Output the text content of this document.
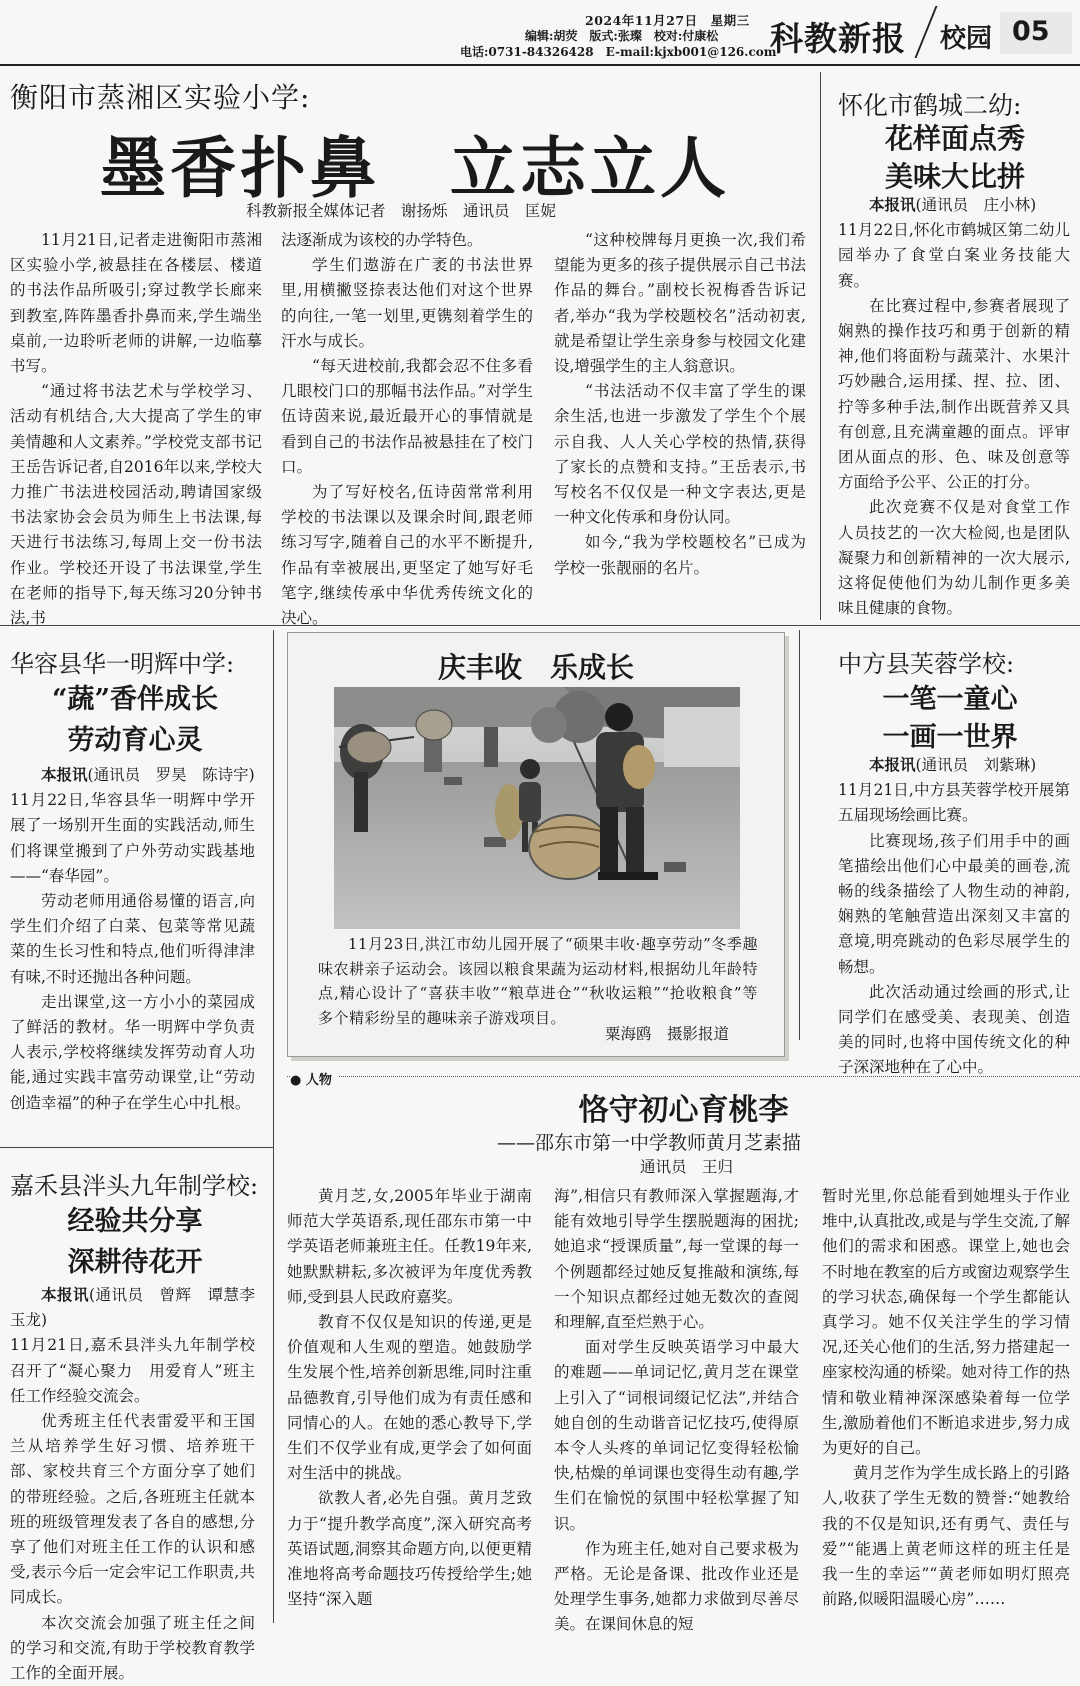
2024年11月27日　星期三
编辑:胡荧　版式:张璨　校对:付康松
电话:0731-84326428　E-mail:kjxb001@126.com
科教新报 校园 05
衡阳市蒸湘区实验小学:
墨香扑鼻　立志立人
科教新报全媒体记者　谢扬烁　通讯员　匡妮

11月21日,记者走进衡阳市蒸湘区实验小学,被悬挂在各楼层、楼道的书法作品所吸引;穿过教学长廊来到教室,阵阵墨香扑鼻而来,学生端坐桌前,一边聆听老师的讲解,一边临摹书写。

“通过将书法艺术与学校学习、活动有机结合,大大提高了学生的审美情趣和人文素养。”学校党支部书记王岳告诉记者,自2016年以来,学校大力推广书法进校园活动,聘请国家级书法家协会会员为师生上书法课,每天进行书法练习,每周上交一份书法作业。学校还开设了书法课堂,学生在老师的指导下,每天练习20分钟书法,书

法逐渐成为该校的办学特色。

学生们遨游在广袤的书法世界里,用横撇竖捺表达他们对这个世界的向往,一笔一划里,更镌刻着学生的汗水与成长。

“每天进校前,我都会忍不住多看几眼校门口的那幅书法作品。”对学生伍诗茵来说,最近最开心的事情就是看到自己的书法作品被悬挂在了校门口。

为了写好校名,伍诗茵常常利用学校的书法课以及课余时间,跟老师练习写字,随着自己的水平不断提升,作品有幸被展出,更坚定了她写好毛笔字,继续传承中华优秀传统文化的决心。

“这种校牌每月更换一次,我们希望能为更多的孩子提供展示自己书法作品的舞台。”副校长祝梅香告诉记者,举办“我为学校题校名”活动初衷,就是希望让学生亲身参与校园文化建设,增强学生的主人翁意识。

“书法活动不仅丰富了学生的课余生活,也进一步激发了学生个个展示自我、人人关心学校的热情,获得了家长的点赞和支持。”王岳表示,书写校名不仅仅是一种文字表达,更是一种文化传承和身份认同。

如今,“我为学校题校名”已成为学校一张靓丽的名片。

怀化市鹤城二幼:
花样面点秀
美味大比拼

本报讯(通讯员　庄小林)

11月22日,怀化市鹤城区第二幼儿园举办了食堂白案业务技能大赛。

在比赛过程中,参赛者展现了娴熟的操作技巧和勇于创新的精神,他们将面粉与蔬菜汁、水果汁巧妙融合,运用揉、捏、拉、团、拧等多种手法,制作出既营养又具有创意,且充满童趣的面点。评审团从面点的形、色、味及创意等方面给予公平、公正的打分。

此次竞赛不仅是对食堂工作人员技艺的一次大检阅,也是团队凝聚力和创新精神的一次大展示,这将促使他们为幼儿制作更多美味且健康的食物。

华容县华一明辉中学:
“蔬”香伴成长
劳动育心灵

本报讯(通讯员　罗昊　陈诗宇)

11月22日,华容县华一明辉中学开展了一场别开生面的实践活动,师生们将课堂搬到了户外劳动实践基地——“春华园”。

劳动老师用通俗易懂的语言,向学生们介绍了白菜、包菜等常见蔬菜的生长习性和特点,他们听得津津有味,不时还抛出各种问题。

走出课堂,这一方小小的菜园成了鲜活的教材。华一明辉中学负责人表示,学校将继续发挥劳动育人功能,通过实践丰富劳动课堂,让“劳动创造幸福”的种子在学生心中扎根。

庆丰收　乐成长

11月23日,洪江市幼儿园开展了“硕果丰收·趣享劳动”冬季趣味农耕亲子运动会。该园以粮食果蔬为运动材料,根据幼儿年龄特点,精心设计了“喜获丰收”“粮草进仓”“秋收运粮”“抢收粮食”等多个精彩纷呈的趣味亲子游戏项目。

粟海鸥　摄影报道
中方县芙蓉学校:
一笔一童心
一画一世界

本报讯(通讯员　刘紫琳)

11月21日,中方县芙蓉学校开展第五届现场绘画比赛。

比赛现场,孩子们用手中的画笔描绘出他们心中最美的画卷,流畅的线条描绘了人物生动的神韵,娴熟的笔触营造出深刻又丰富的意境,明亮跳动的色彩尽展学生的畅想。

此次活动通过绘画的形式,让同学们在感受美、表现美、创造美的同时,也将中国传统文化的种子深深地种在了心中。

● 人物
恪守初心育桃李
——邵东市第一中学教师黄月芝素描
通讯员　王归

黄月芝,女,2005年毕业于湖南师范大学英语系,现任邵东市第一中学英语老师兼班主任。任教19年来,她默默耕耘,多次被评为年度优秀教师,受到县人民政府嘉奖。

教育不仅仅是知识的传递,更是价值观和人生观的塑造。她鼓励学生发展个性,培养创新思维,同时注重品德教育,引导他们成为有责任感和同情心的人。在她的悉心教导下,学生们不仅学业有成,更学会了如何面对生活中的挑战。

欲教人者,必先自强。黄月芝致力于“提升教学高度”,深入研究高考英语试题,洞察其命题方向,以便更精准地将高考命题技巧传授给学生;她坚持“深入题

海”,相信只有教师深入掌握题海,才能有效地引导学生摆脱题海的困扰;她追求“授课质量”,每一堂课的每一个例题都经过她反复推敲和演练,每一个知识点都经过她无数次的查阅和理解,直至烂熟于心。

面对学生反映英语学习中最大的难题——单词记忆,黄月芝在课堂上引入了“词根词缀记忆法”,并结合她自创的生动谐音记忆技巧,使得原本令人头疼的单词记忆变得轻松愉快,枯燥的单词课也变得生动有趣,学生们在愉悦的氛围中轻松掌握了知识。

作为班主任,她对自己要求极为严格。无论是备课、批改作业还是处理学生事务,她都力求做到尽善尽美。在课间休息的短

暂时光里,你总能看到她埋头于作业堆中,认真批改,或是与学生交流,了解他们的需求和困惑。课堂上,她也会不时地在教室的后方或窗边观察学生的学习状态,确保每一个学生都能认真学习。她不仅关注学生的学习情况,还关心他们的生活,努力搭建起一座家校沟通的桥梁。她对待工作的热情和敬业精神深深感染着每一位学生,激励着他们不断追求进步,努力成为更好的自己。

黄月芝作为学生成长路上的引路人,收获了学生无数的赞誉:“她教给我的不仅是知识,还有勇气、责任与爱”“能遇上黄老师这样的班主任是我一生的幸运”“黄老师如明灯照亮前路,似暖阳温暖心房”……

嘉禾县泮头九年制学校:
经验共分享
深耕待花开

本报讯(通讯员　曾辉　谭慧李玉龙)

11月21日,嘉禾县泮头九年制学校召开了“凝心聚力　用爱育人”班主任工作经验交流会。

优秀班主任代表雷爱平和王国兰从培养学生好习惯、培养班干部、家校共育三个方面分享了她们的带班经验。之后,各班班主任就本班的班级管理发表了各自的感想,分享了他们对班主任工作的认识和感受,表示今后一定会牢记工作职责,共同成长。

本次交流会加强了班主任之间的学习和交流,有助于学校教育教学工作的全面开展。
